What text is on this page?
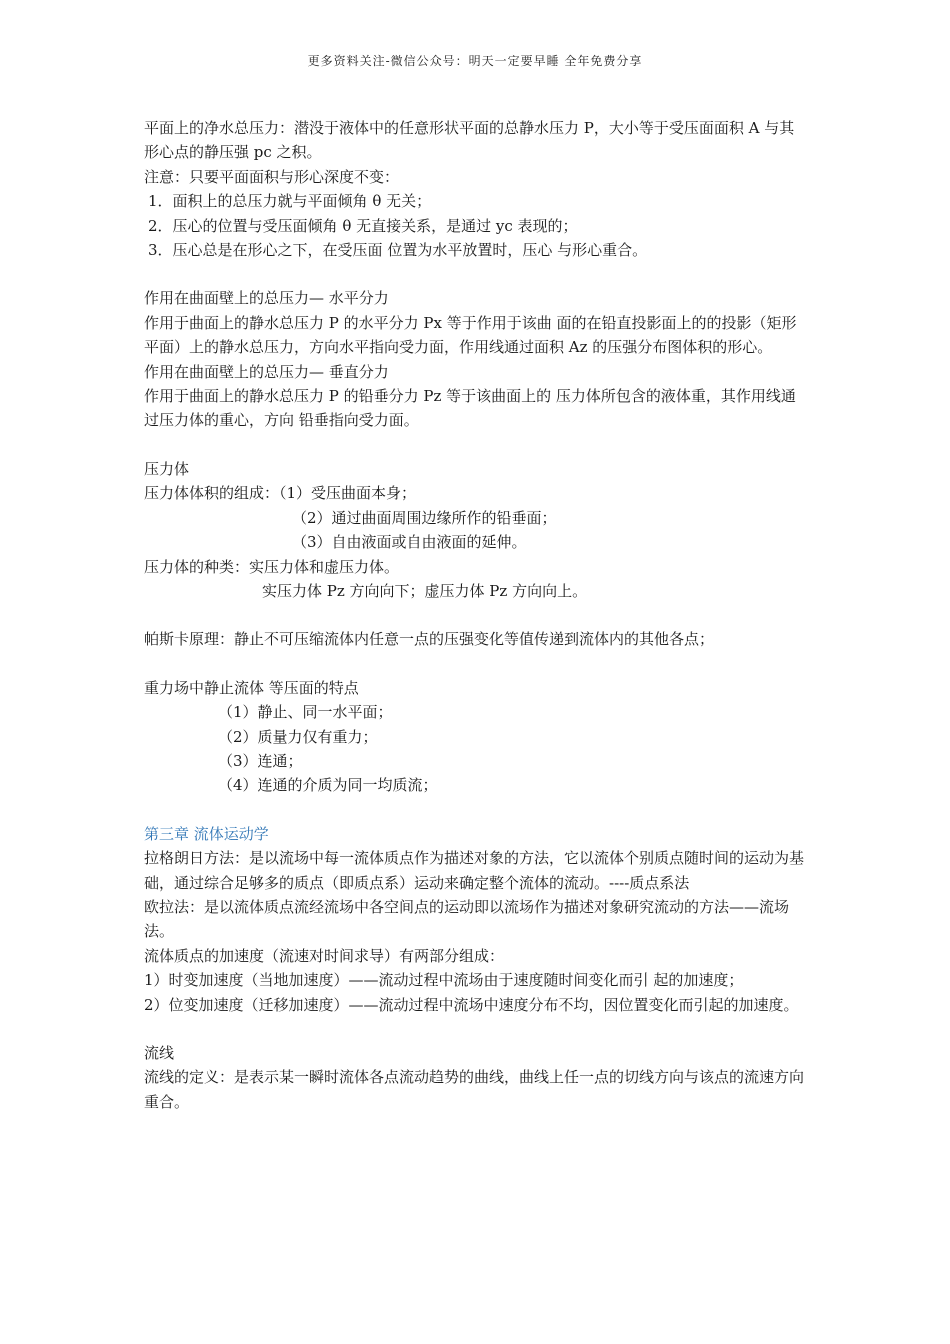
更多资料关注-微信公众号：明天一定要早睡 全年免费分享

平面上的净水总压力：潜没于液体中的任意形状平面的总静水压力 P，大小等于受压面面积 A 与其形心点的静压强 pc 之积。

注意：只要平面面积与形心深度不变：

1．面积上的总压力就与平面倾角 θ 无关；

2．压心的位置与受压面倾角 θ 无直接关系，是通过 yc 表现的；

3．压心总是在形心之下，在受压面 位置为水平放置时，压心 与形心重合。

作用在曲面壁上的总压力— 水平分力

作用于曲面上的静水总压力 P 的水平分力 Px 等于作用于该曲 面的在铅直投影面上的的投影（矩形平面）上的静水总压力，方向水平指向受力面，作用线通过面积 Az 的压强分布图体积的形心。

作用在曲面壁上的总压力— 垂直分力

作用于曲面上的静水总压力 P 的铅垂分力 Pz 等于该曲面上的 压力体所包含的液体重，其作用线通过压力体的重心，方向 铅垂指向受力面。

压力体

压力体体积的组成：（1）受压曲面本身；

（2）通过曲面周围边缘所作的铅垂面；

（3）自由液面或自由液面的延伸。

压力体的种类：实压力体和虚压力体。

实压力体 Pz 方向向下；虚压力体 Pz 方向向上。

帕斯卡原理：静止不可压缩流体内任意一点的压强变化等值传递到流体内的其他各点；

重力场中静止流体 等压面的特点

（1）静止、同一水平面；

（2）质量力仅有重力；

（3）连通；

（4）连通的介质为同一均质流；

第三章 流体运动学

拉格朗日方法：是以流场中每一流体质点作为描述对象的方法，它以流体个别质点随时间的运动为基础，通过综合足够多的质点（即质点系）运动来确定整个流体的流动。----质点系法

欧拉法：是以流体质点流经流场中各空间点的运动即以流场作为描述对象研究流动的方法——流场法。

流体质点的加速度（流速对时间求导）有两部分组成：

1）时变加速度（当地加速度）——流动过程中流场由于速度随时间变化而引 起的加速度；

2）位变加速度（迁移加速度）——流动过程中流场中速度分布不均，因位置变化而引起的加速度。

流线

流线的定义：是表示某一瞬时流体各点流动趋势的曲线，曲线上任一点的切线方向与该点的流速方向重合。
